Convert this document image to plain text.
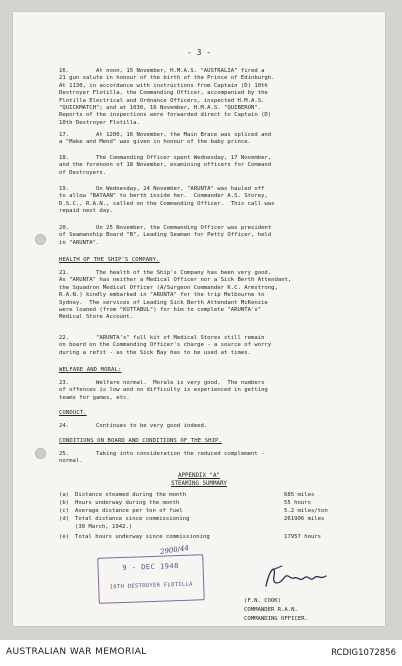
- 3 -
16.        At noon, 15 November, H.M.A.S. "AUSTRALIA" fired a
21 gun salute in honour of the birth of the Prince of Edinburgh.
At 1130, in accordance with instructions from Captain (D) 10th
Destroyer Flotilla, the Commanding Officer, accompanied by the
Flotilla Electrical and Ordnance Officers, inspected H.M.A.S.
"QUICKMATCH"; and at 1030, 16 November, H.M.A.S. "QUIBERON".
Reports of the inspections were forwarded direct to Captain (D)
10th Destroyer Flotilla.
17.        At 1200, 16 November, the Main Brace was spliced and
a "Make and Mend" was given in honour of the baby prince.
18.        The Commanding Officer spent Wednesday, 17 November,
and the forenoon of 18 November, examining officers for Command
of Destroyers.
19.        On Wednesday, 24 November, "ARUNTA" was hauled off
to allow "BATAAN" to berth inside her.  Commander A.S. Storey,
D.S.C., R.A.N., called on the Commanding Officer.  This call was
repaid next day.
20.        On 25 November, the Commanding Officer was president
of Seamanship Board "B", Leading Seaman for Petty Officer, held
in "ARUNTA".
HEALTH OF THE SHIP'S COMPANY.
21.        The health of the Ship's Company has been very good.
As "ARUNTA" has neither a Medical Officer nor a Sick Berth Attendant,
the Squadron Medical Officer (A/Surgeon Commander K.C. Armstrong,
R.A.N.) kindly embarked in "ARUNTA" for the trip Melbourne to
Sydney.  The services of Leading Sick Berth Attendant McKenzie
were loaned (from "KUTTABUL") for him to complete "ARUNTA's"
Medical Store Account.
22.        "ARUNTA's" full kit of Medical Stores still remain
on board on the Commanding Officer's charge - a source of worry
during a refit - as the Sick Bay has to be used at times.
WELFARE AND MORAL:
23.        Welfare normal.  Morale is very good.  The numbers
of offences is low and no difficulty is experienced in getting
teams for games, etc.
CONDUCT.
24.        Continues to be very good indeed.
CONDITIONS ON BOARD AND CONDITIONS OF THE SHIP.
25.        Taking into consideration the reduced complement -
normal.
APPENDIX "A"
STEAMING SUMMARY
(a) Distance steamed during the month	685 miles
(b) Hours underway during the month	55 hours
(c) Average distance per ton of fuel	5.2 miles/ton
(d) Total distance since commissioning	261906 miles
(30 March, 1942.)
(e) Total hours underway since commissioning	17957 hours
9 - DEC 1948
10TH DESTROYER FLOTILLA
2900/44
(F.N. COOK)
COMMANDER R.A.N.
COMMANDING OFFICER.
AUSTRALIAN WAR MEMORIAL	RCDIG1072856
